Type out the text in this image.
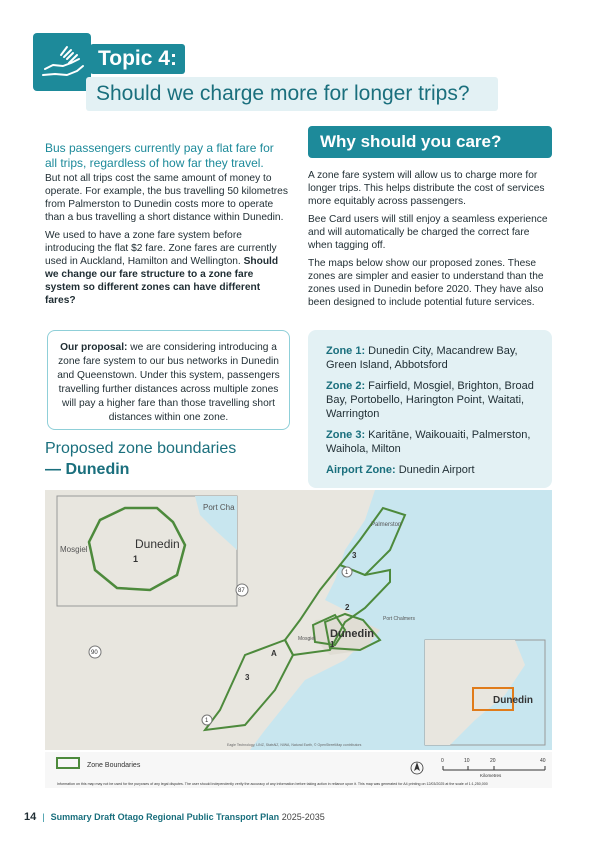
Topic 4:
Should we charge more for longer trips?
Bus passengers currently pay a flat fare for all trips, regardless of how far they travel.

But not all trips cost the same amount of money to operate. For example, the bus travelling 50 kilometres from Palmerston to Dunedin costs more to operate than a bus travelling a short distance within Dunedin.

We used to have a zone fare system before introducing the flat $2 fare. Zone fares are currently used in Auckland, Hamilton and Wellington. Should we change our fare structure to a zone fare system so different zones can have different fares?

Our proposal: we are considering introducing a zone fare system to our bus networks in Dunedin and Queenstown. Under this system, passengers travelling further distances across multiple zones will pay a higher fare than those travelling short distances within one zone.
Proposed zone boundaries
— Dunedin
Why should you care?

A zone fare system will allow us to charge more for longer trips. This helps distribute the cost of services more equitably across passengers.

Bee Card users will still enjoy a seamless experience and will automatically be charged the correct fare when tagging off.

The maps below show our proposed zones. These zones are simpler and easier to understand than the zones used in Dunedin before 2020. They have also been designed to include potential future services.

Zone 1: Dunedin City, Macandrew Bay, Green Island, Abbotsford

Zone 2: Fairfield, Mosgiel, Brighton, Broad Bay, Portobello, Harington Point, Waitati, Warrington

Zone 3: Karitāne, Waikouaiti, Palmerston, Waihola, Milton

Airport Zone: Dunedin Airport

Dunedin
Mosgiel
Port Cha
1
Dunedin
1
2
3
3
A
Palmerston
Port Chalmers
Mosgiel
87
90
1
1
Dunedin
Eagle Technology, LINZ, StatsNZ, NIWA, Natural Earth, © OpenStreetMap contributors
Zone Boundaries
0	10	20	40
Kilometres
Information on this map may not be used for the purposes of any legal disputes. The user should independently verify the accuracy of any information before taking action in reliance upon it. This map was generated for A4 printing on 12/03/2025 at the scale of 1:1,250,000
14 | Summary Draft Otago Regional Public Transport Plan 2025-2035
